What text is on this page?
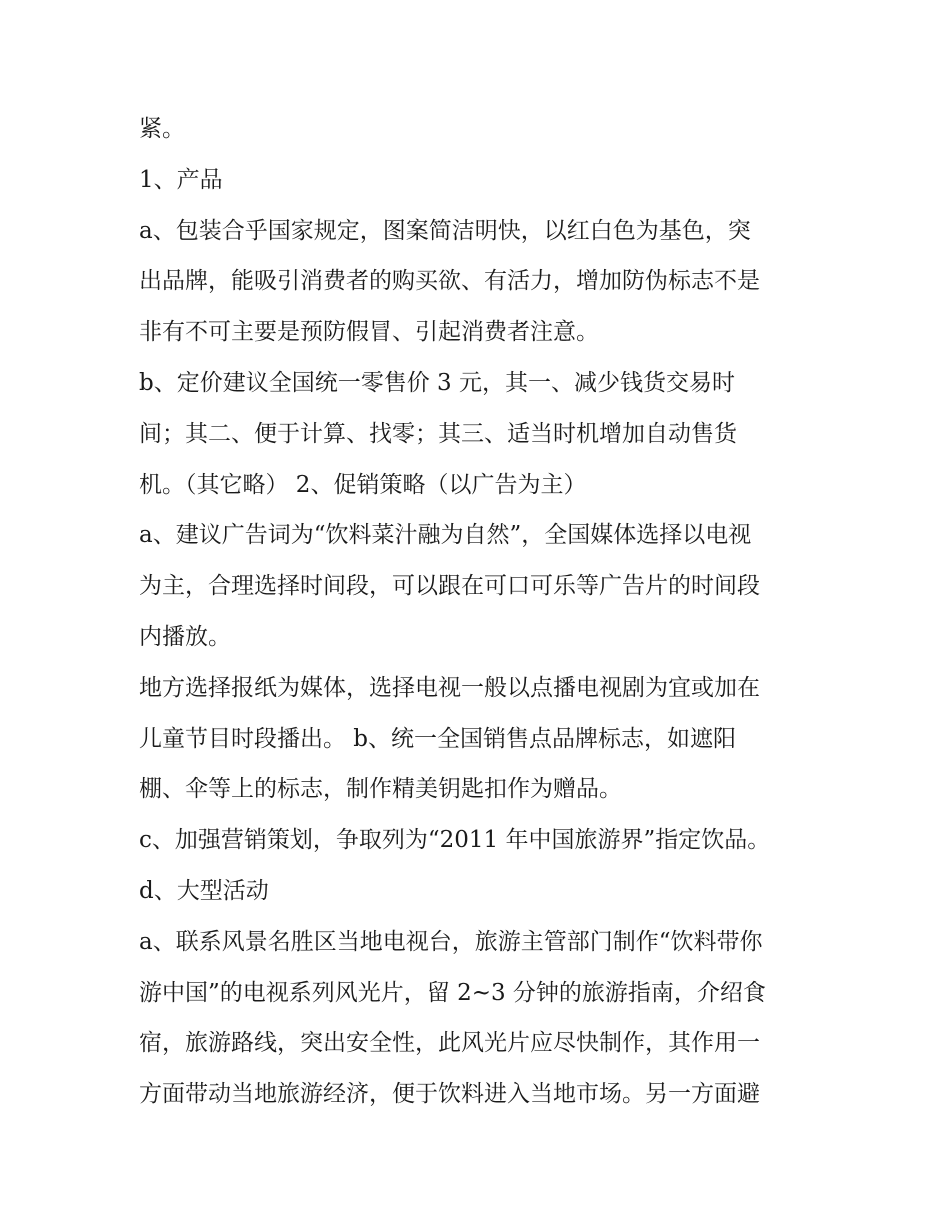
紧。
1、产品
a、包装合乎国家规定，图案简洁明快，以红白色为基色，突
出品牌，能吸引消费者的购买欲、有活力，增加防伪标志不是
非有不可主要是预防假冒、引起消费者注意。
b、定价建议全国统一零售价 3 元，其一、减少钱货交易时
间；其二、便于计算、找零；其三、适当时机增加自动售货
机。（其它略） 2、促销策略（以广告为主）
a、建议广告词为“饮料菜汁融为自然”，全国媒体选择以电视
为主，合理选择时间段，可以跟在可口可乐等广告片的时间段
内播放。
地方选择报纸为媒体，选择电视一般以点播电视剧为宜或加在
儿童节目时段播出。 b、统一全国销售点品牌标志，如遮阳
棚、伞等上的标志，制作精美钥匙扣作为赠品。
c、加强营销策划，争取列为“2011 年中国旅游界”指定饮品。
d、大型活动
a、联系风景名胜区当地电视台，旅游主管部门制作“饮料带你
游中国”的电视系列风光片，留 2~3 分钟的旅游指南，介绍食
宿，旅游路线，突出安全性，此风光片应尽快制作，其作用一
方面带动当地旅游经济，便于饮料进入当地市场。另一方面避
